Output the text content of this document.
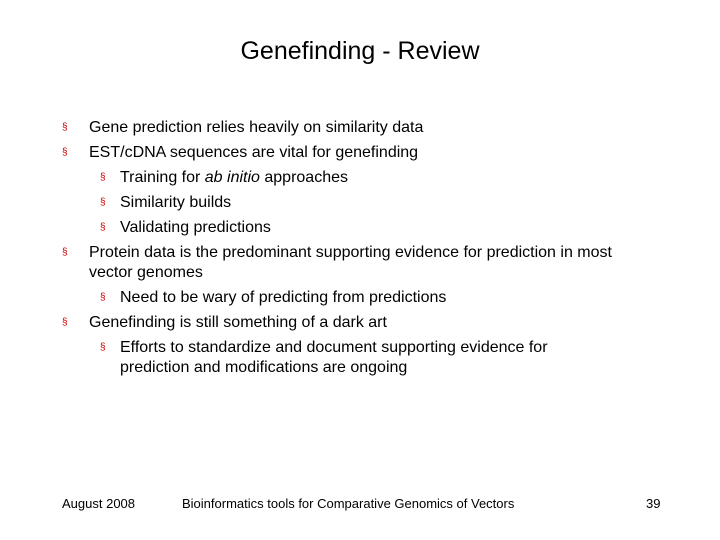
Genefinding - Review
§ Gene prediction relies heavily on similarity data
§ EST/cDNA sequences are vital for genefinding
§ Training for ab initio approaches
§ Similarity builds
§ Validating predictions
§ Protein data is the predominant supporting evidence for prediction in most vector genomes
§ Need to be wary of predicting from predictions
§ Genefinding is still something of a dark art
§ Efforts to standardize and document supporting evidence for prediction and modifications are ongoing
August 2008	Bioinformatics tools for Comparative Genomics of Vectors	39
